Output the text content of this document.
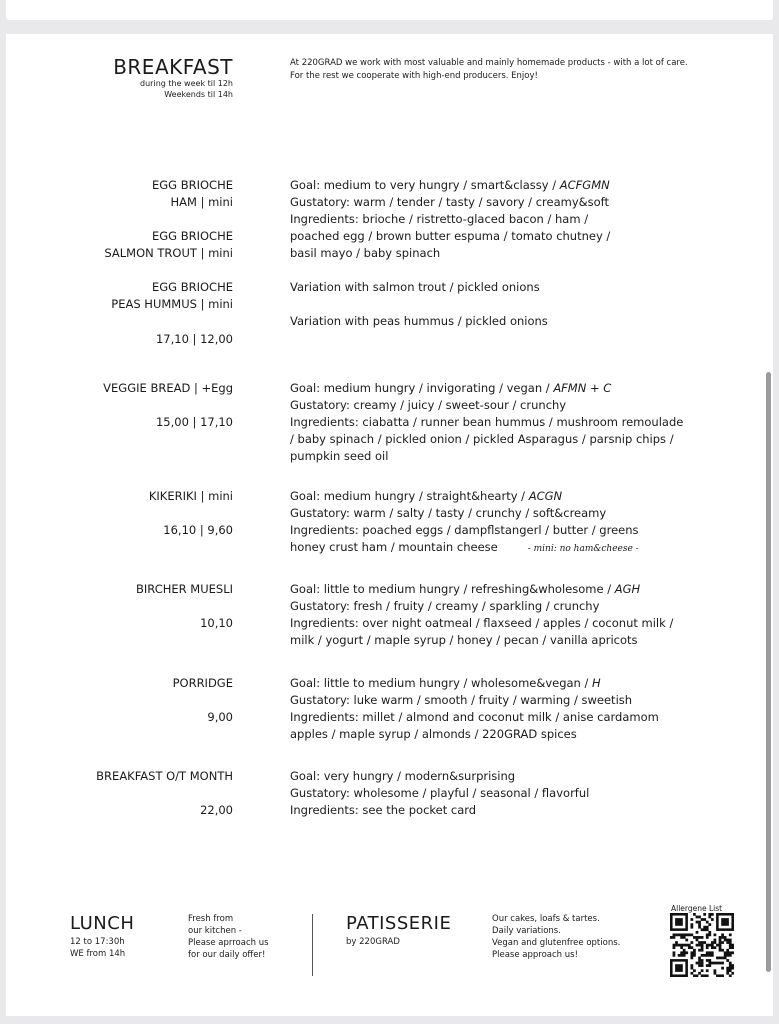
BREAKFAST
during the week til 12h
Weekends til 14h
At 220GRAD we work with most valuable and mainly homemade products - with a lot of care.
For the rest we cooperate with high-end producers. Enjoy!
EGG BRIOCHE
HAM | mini
EGG BRIOCHE
SALMON TROUT | mini
EGG BRIOCHE
PEAS HUMMUS | mini
17,10 | 12,00
Goal: medium to very hungry / smart&classy / ACFGMN
Gustatory: warm / tender / tasty / savory / creamy&soft
Ingredients: brioche / ristretto-glaced bacon / ham /
poached egg / brown butter espuma / tomato chutney /
basil mayo / baby spinach
Variation with salmon trout / pickled onions
Variation with peas hummus / pickled onions
VEGGIE BREAD | +Egg
15,00 | 17,10
Goal: medium hungry / invigorating / vegan / AFMN + C
Gustatory: creamy / juicy / sweet-sour / crunchy
Ingredients: ciabatta / runner bean hummus / mushroom remoulade
/ baby spinach / pickled onion / pickled Asparagus / parsnip chips /
pumpkin seed oil
KIKERIKI | mini
16,10 | 9,60
Goal: medium hungry / straight&hearty / ACGN
Gustatory: warm / salty / tasty / crunchy / soft&creamy
Ingredients: poached eggs / dampflstangerl / butter / greens
honey crust ham / mountain cheese	- mini: no ham&cheese -
BIRCHER MUESLI
10,10
Goal: little to medium hungry / refreshing&wholesome / AGH
Gustatory: fresh / fruity / creamy / sparkling / crunchy
Ingredients: over night oatmeal / flaxseed / apples / coconut milk /
milk / yogurt / maple syrup / honey / pecan / vanilla apricots
PORRIDGE
9,00
Goal: little to medium hungry / wholesome&vegan / H
Gustatory: luke warm / smooth / fruity / warming / sweetish
Ingredients: millet / almond and coconut milk / anise cardamom
apples / maple syrup / almonds / 220GRAD spices
BREAKFAST O/T MONTH
22,00
Goal: very hungry / modern&surprising
Gustatory: wholesome / playful / seasonal / flavorful
Ingredients: see the pocket card
LUNCH
12 to 17:30h
WE from 14h
Fresh from
our kitchen -
Please aprroach us
for our daily offer!
PATISSERIE
by 220GRAD
Our cakes, loafs & tartes.
Daily variations.
Vegan and glutenfree options.
Please approach us!
Allergene List
